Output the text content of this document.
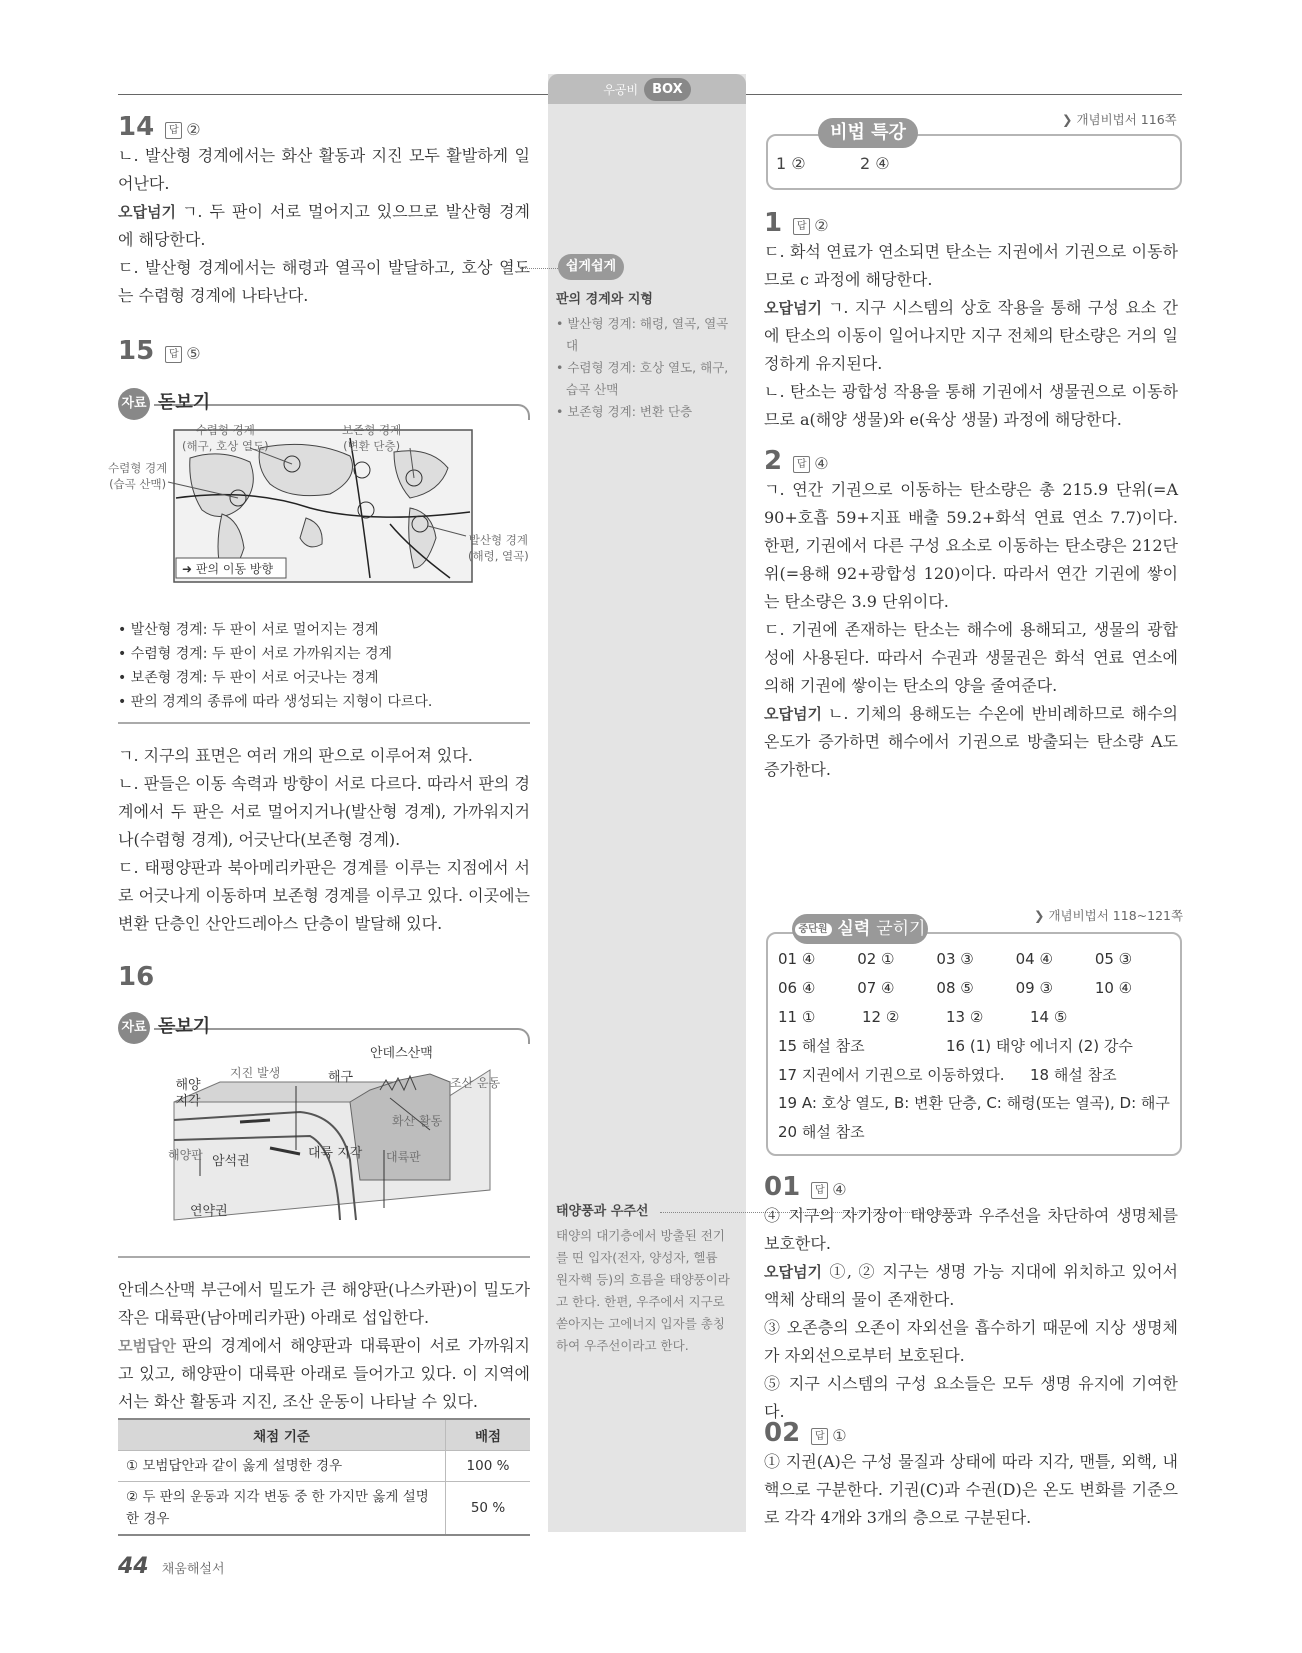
우공비	BOX
14 답 ②

ㄴ. 발산형 경계에서는 화산 활동과 지진 모두 활발하게 일어난다.

오답넘기 ㄱ. 두 판이 서로 멀어지고 있으므로 발산형 경계에 해당한다.

ㄷ. 발산형 경계에서는 해령과 열곡이 발달하고, 호상 열도는 수렴형 경계에 나타난다.

15 답 ⑤
자료 돋보기
수렴형 경계
(해구, 호상 열도)
보존형 경계
(변환 단층)
수렴형 경계
(습곡 산맥)
발산형 경계
(해령, 열곡)
➜ 판의 이동 방향
• 발산형 경계: 두 판이 서로 멀어지는 경계
• 수렴형 경계: 두 판이 서로 가까워지는 경계
• 보존형 경계: 두 판이 서로 어긋나는 경계
• 판의 경계의 종류에 따라 생성되는 지형이 다르다.

ㄱ. 지구의 표면은 여러 개의 판으로 이루어져 있다.

ㄴ. 판들은 이동 속력과 방향이 서로 다르다. 따라서 판의 경계에서 두 판은 서로 멀어지거나(발산형 경계), 가까워지거나(수렴형 경계), 어긋난다(보존형 경계).

ㄷ. 태평양판과 북아메리카판은 경계를 이루는 지점에서 서로 어긋나게 이동하며 보존형 경계를 이루고 있다. 이곳에는 변환 단층인 산안드레아스 단층이 발달해 있다.

16
자료 돋보기
안데스산맥
지진 발생	해구
해양 지각
조산 운동
화산 활동
해양판 암석권
대륙 지각 대륙판
연약권

안데스산맥 부근에서 밀도가 큰 해양판(나스카판)이 밀도가 작은 대륙판(남아메리카판) 아래로 섭입한다.

모범답안 판의 경계에서 해양판과 대륙판이 서로 가까워지고 있고, 해양판이 대륙판 아래로 들어가고 있다. 이 지역에서는 화산 활동과 지진, 조산 운동이 나타날 수 있다.

채점 기준	배점
① 모범답안과 같이 옳게 설명한 경우	100 %
② 두 판의 운동과 지각 변동 중 한 가지만 옳게 설명한 경우	50 %
쉽게쉽게

판의 경계와 지형

• 발산형 경계: 해령, 열곡, 열곡대
• 수렴형 경계: 호상 열도, 해구, 습곡 산맥
• 보존형 경계: 변환 단층

태양풍과 우주선

태양의 대기층에서 방출된 전기를 띤 입자(전자, 양성자, 헬륨 원자핵 등)의 흐름을 태양풍이라고 한다. 한편, 우주에서 지구로 쏟아지는 고에너지 입자를 총칭하여 우주선이라고 한다.

❯ 개념비법서 116쪽
비법 특강
1 ②	2 ④
1 답 ②

ㄷ. 화석 연료가 연소되면 탄소는 지권에서 기권으로 이동하므로 c 과정에 해당한다.

오답넘기 ㄱ. 지구 시스템의 상호 작용을 통해 구성 요소 간에 탄소의 이동이 일어나지만 지구 전체의 탄소량은 거의 일정하게 유지된다.

ㄴ. 탄소는 광합성 작용을 통해 기권에서 생물권으로 이동하므로 a(해양 생물)와 e(육상 생물) 과정에 해당한다.

2 답 ④

ㄱ. 연간 기권으로 이동하는 탄소량은 총 215.9 단위(=A 90+호흡 59+지표 배출 59.2+화석 연료 연소 7.7)이다. 한편, 기권에서 다른 구성 요소로 이동하는 탄소량은 212단위(=용해 92+광합성 120)이다. 따라서 연간 기권에 쌓이는 탄소량은 3.9 단위이다.

ㄷ. 기권에 존재하는 탄소는 해수에 용해되고, 생물의 광합성에 사용된다. 따라서 수권과 생물권은 화석 연료 연소에 의해 기권에 쌓이는 탄소의 양을 줄여준다.

오답넘기 ㄴ. 기체의 용해도는 수온에 반비례하므로 해수의 온도가 증가하면 해수에서 기권으로 방출되는 탄소량 A도 증가한다.

❯ 개념비법서 118~121쪽
중단원 실력 굳히기
01 ④	02 ①	03 ③	04 ④	05 ③
06 ④	07 ④	08 ⑤	09 ③	10 ④
11 ①	12 ②	13 ②	14 ⑤
15 해설 참조	16 (1) 태양 에너지 (2) 강수
17 지권에서 기권으로 이동하였다.	18 해설 참조
19 A: 호상 열도, B: 변환 단층, C: 해령(또는 열곡), D: 해구
20 해설 참조
01 답 ④

④ 지구의 자기장이 태양풍과 우주선을 차단하여 생명체를 보호한다.

오답넘기 ①, ② 지구는 생명 가능 지대에 위치하고 있어서 액체 상태의 물이 존재한다.

③ 오존층의 오존이 자외선을 흡수하기 때문에 지상 생명체가 자외선으로부터 보호된다.

⑤ 지구 시스템의 구성 요소들은 모두 생명 유지에 기여한다.

02 답 ①

① 지권(A)은 구성 물질과 상태에 따라 지각, 맨틀, 외핵, 내핵으로 구분한다. 기권(C)과 수권(D)은 온도 변화를 기준으로 각각 4개와 3개의 층으로 구분된다.

44 채움해설서
